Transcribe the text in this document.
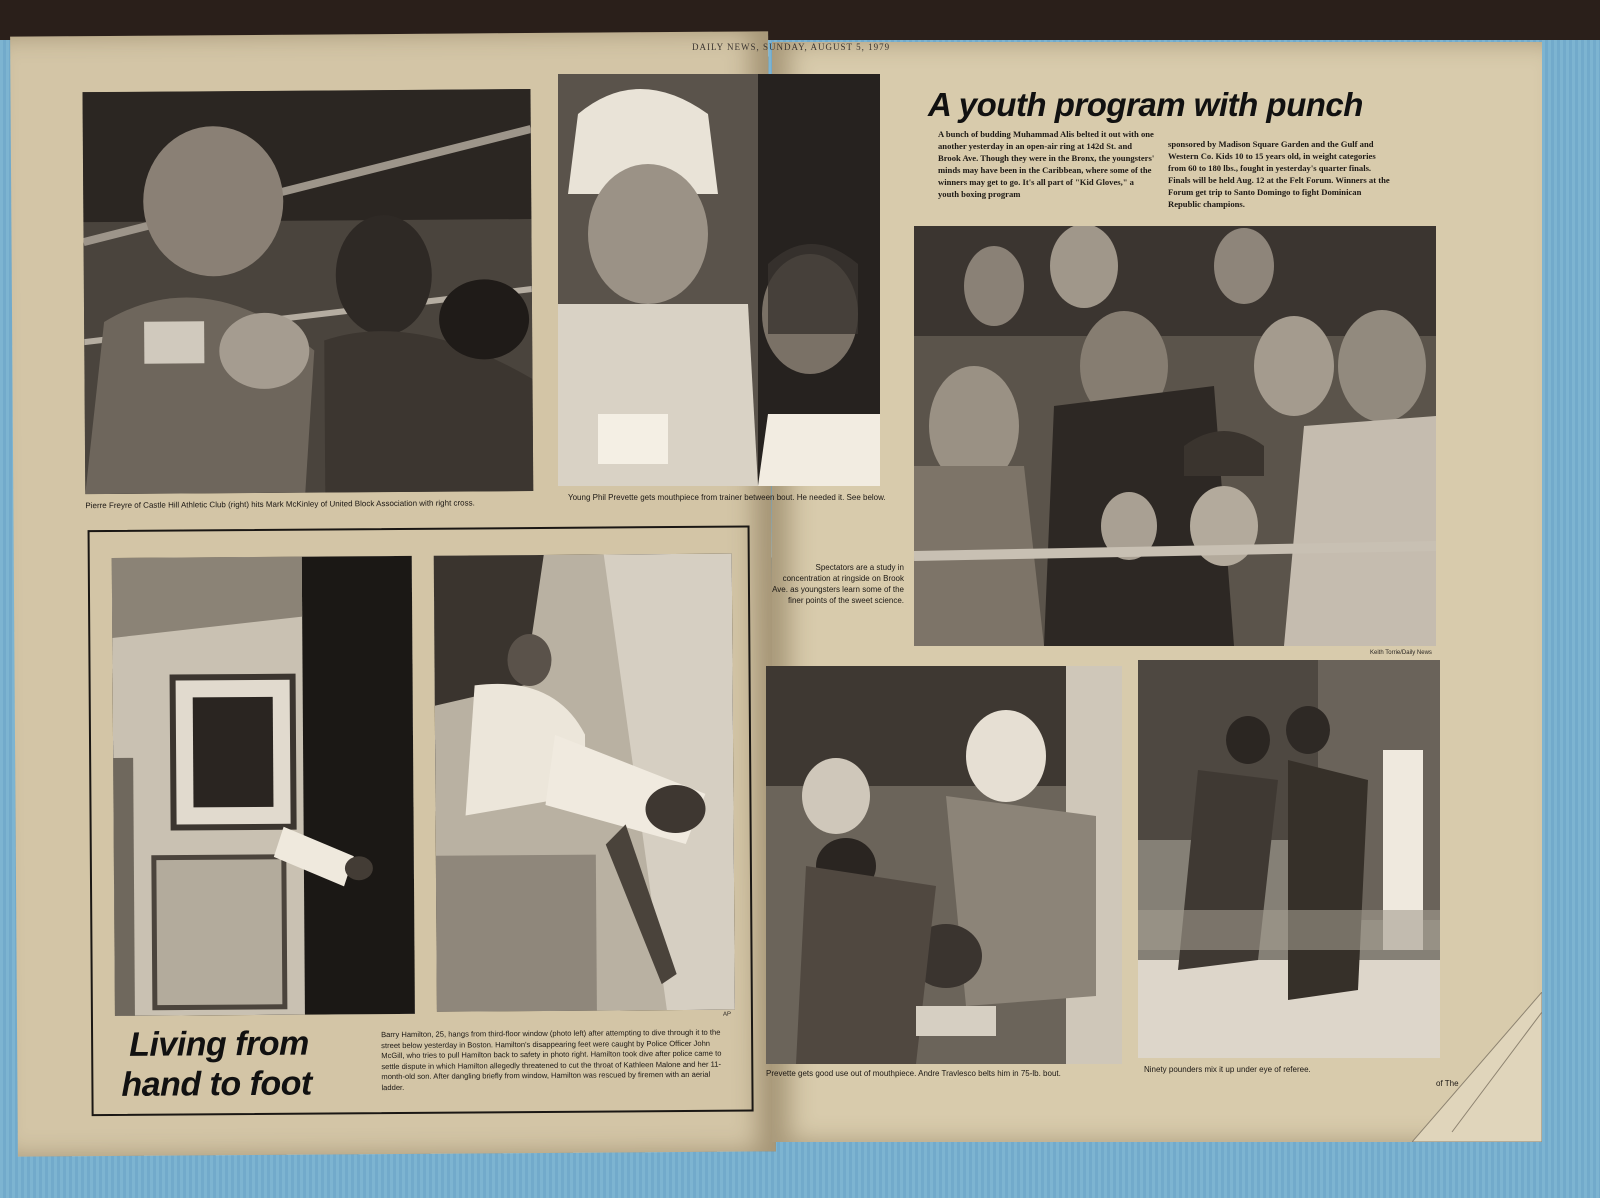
Pierre Freyre of Castle Hill Athletic Club (right) hits Mark McKinley of United Block Association with right cross.
AP
Living from
hand to foot
Barry Hamilton, 25, hangs from third-floor window (photo left) after attempting to dive through it to the street below yesterday in Boston. Hamilton's disappearing feet were caught by Police Officer John McGill, who tries to pull Hamilton back to safety in photo right. Hamilton took dive after police came to settle dispute in which Hamilton allegedly threatened to cut the throat of Kathleen Malone and her 11-month-old son. After dangling briefly from window, Hamilton was rescued by firemen with an aerial ladder.
DAILY NEWS, SUNDAY, AUGUST 5, 1979
Young Phil Prevette gets mouthpiece from trainer between bout. He needed it. See below.
A youth program with punch
A bunch of budding Muhammad Alis belted it out with one another yesterday in an open-air ring at 142d St. and Brook Ave. Though they were in the Bronx, the youngsters' minds may have been in the Caribbean, where some of the winners may get to go. It's all part of "Kid Gloves," a youth boxing program
sponsored by Madison Square Garden and the Gulf and Western Co. Kids 10 to 15 years old, in weight categories from 60 to 180 lbs., fought in yesterday's quarter finals. Finals will be held Aug. 12 at the Felt Forum. Winners at the Forum get trip to Santo Domingo to fight Dominican Republic champions.
Keith Torrie/Daily News
Spectators are a study in concentration at ringside on Brook Ave. as youngsters learn some of the finer points of the sweet science.
Prevette gets good use out of mouthpiece. Andre Travlesco belts him in 75-lb. bout.	Ninety pounders mix it up under eye of referee.
of The
